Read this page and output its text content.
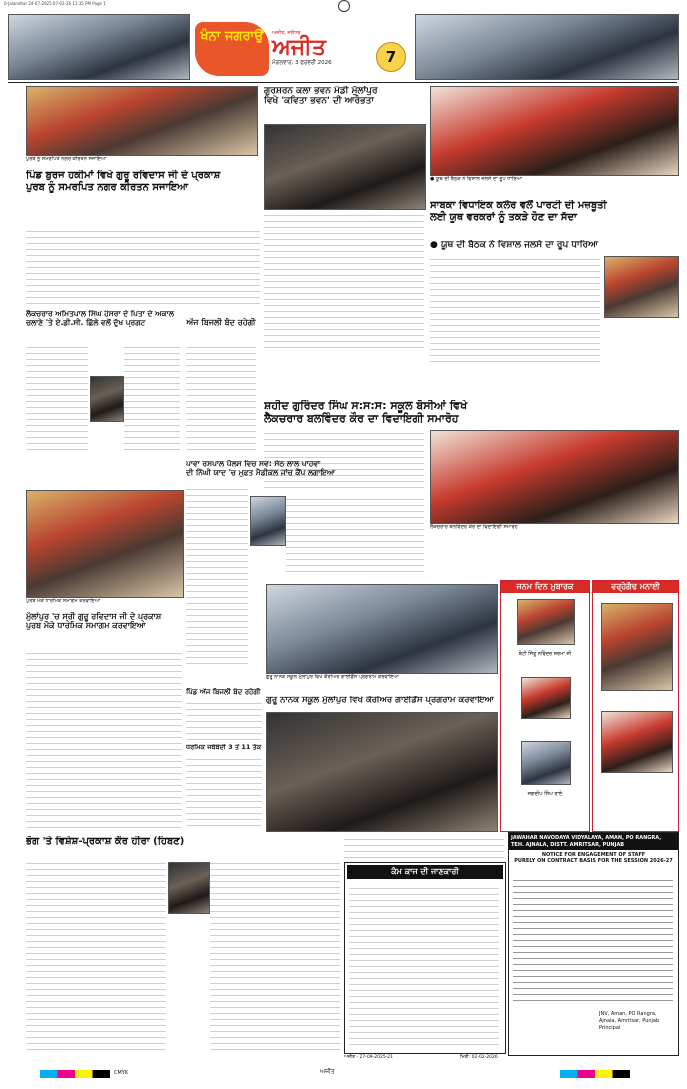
0-Jalandhar 24-07-2025 07-02-26 11:35 PM Page 1
ਖੰਨਾ ਜਗਰਾਉਂ	ਅਜੀਤ, ਜਲੰਧਰ
ਅਜੀਤ
ਮੰਗਲਵਾਰ, 3 ਫਰਵਰੀ 2026	7
ਪੁਰਬ ਨੂੰ ਸਮਰਪਿਤ ਨਗਰ ਕੀਰਤਨ ਸਜਾਇਆ
ਗੁਰਸ਼ਰਨ ਕਲਾ ਭਵਨ ਮੰਡੀ ਮੁੱਲਾਂਪੁਰ
ਵਿਖੇ 'ਕਵਿਤਾ ਭਵਨ' ਦੀ ਆਰੰਭਤਾ
● ਯੂਥ ਦੀ ਬੈਠਕ ਨੇ ਵਿਸ਼ਾਲ ਜਲਸੇ ਦਾ ਰੂਪ ਧਾਰਿਆ
ਪਿੰਡ ਬੁਰਜ ਹਕੀਮਾਂ ਵਿਖੇ ਗੁਰੂ ਰਵਿਦਾਸ ਜੀ ਦੇ ਪ੍ਰਕਾਸ਼
ਪੁਰਬ ਨੂੰ ਸਮਰਪਿਤ ਨਗਰ ਕੀਰਤਨ ਸਜਾਇਆ
ਸਾਬਕਾ ਵਿਧਾਇਕ ਕਲੇਰ ਵਲੋਂ ਪਾਰਟੀ ਦੀ ਮਜ਼ਬੂਤੀ
ਲਈ ਯੂਥ ਵਰਕਰਾਂ ਨੂੰ ਤਕੜੇ ਹੋਣ ਦਾ ਸੱਦਾ
● ਯੂਥ ਦੀ ਬੈਠਕ ਨੇ ਵਿਸ਼ਾਲ ਜਲਸੇ ਦਾ ਰੂਪ ਧਾਰਿਆ
ਲੈਕਚਰਾਰ ਅਮਿਤਪਾਲ ਸਿੰਘ ਹੰਸਰਾ ਦੇ ਪਿਤਾ ਦੇ ਅਕਾਲ ਚਲਾਣੇ 'ਤੇ ਏ.ਡੀ.ਸੀ. ਛਿੱਲੇ ਵਲੋਂ ਦੁੱਖ ਪ੍ਰਗਟ	ਅੱਜ ਬਿਜਲੀ ਬੰਦ ਰਹੇਗੀ
ਸ਼ਹੀਦ ਗੁਰਿੰਦਰ ਸਿੰਘ ਸ:ਸ:ਸ: ਸਕੂਲ ਬੋਸੀਆਂ ਵਿਖੇ
ਲੈਕਚਰਾਰ ਬਲਵਿੰਦਰ ਕੌਰ ਦਾ ਵਿਦਾਇਗੀ ਸਮਾਰੋਹ
ਲੈਕਚਰਾਰ ਬਲਵਿੰਦਰ ਕੌਰ ਦਾ ਵਿਦਾਇਗੀ ਸਮਾਰੋਹ
ਪਾਵਾ ਰਸਪਾਲ ਪੈਲਸ ਵਿਚ ਸਵ: ਸੇਠ ਲਾਲ ਪਾਹਵਾ
ਦੀ ਨਿੱਘੀ ਯਾਦ 'ਚ ਮੁਫ਼ਤ ਮੈਡੀਕਲ ਜਾਂਚ ਕੈਂਪ ਲਗਾਇਆ
ਪੁਰਬ ਮੌਕੇ ਧਾਰਮਿਕ ਸਮਾਗਮ ਕਰਵਾਇਆ
ਮੁੱਲਾਂਪੁਰ 'ਚ ਸ੍ਰੀ ਗੁਰੂ ਰਵਿਦਾਸ ਜੀ ਦੇ ਪ੍ਰਕਾਸ਼
ਪੁਰਬ ਮੌਕੇ ਧਾਰਮਿਕ ਸਮਾਗਮ ਕਰਵਾਇਆ
ਪਿੰਡ ਅੱਜ ਬਿਜਲੀ ਬੰਦ ਰਹੇਗੀ
ਧਰਮਿਕ ਜਥੇਬੰਦੀ 3 ਤੋਂ 11 ਤੱਕ
ਗੁਰੂ ਨਾਨਕ ਸਕੂਲ ਮੁੱਲਾਂਪੁਰ ਵਿਖੇ ਕੈਰੀਅਰ ਗਾਈਡੈਂਸ ਪ੍ਰੋਗਰਾਮ ਕਰਵਾਇਆ
ਗੁਰੂ ਨਾਨਕ ਸਕੂਲ ਮੁੱਲਾਂਪੁਰ ਵਿਖੇ ਕੈਰੀਅਰ ਗਾਈਡੈਂਸ ਪ੍ਰੋਗਰਾਮ ਕਰਵਾਇਆ
ਜਨਮ ਦਿਨ ਮੁਬਾਰਕ
ਬੇਟੀ ਜਿੱਤੂ ਨਵਿੰਦਰ ਸ਼ਰਮਾ ਜੀ
ਜਗਦੀਪ ਸਿੰਘ ਰਾਏ
ਵਰ੍ਹੇਗੰਢ ਮਨਾਈ
ਭੋਗ 'ਤੇ ਵਿਸ਼ੇਸ਼-ਪ੍ਰਕਾਸ਼ ਕੌਰ ਹੀਰਾ (ਹਿਬਣ)
ਕੰਮ ਕਾਜ ਦੀ ਜਾਣਕਾਰੀ
JAWAHAR NAVODAYA VIDYALAYA, AMAN, PO RANGRA,
TEH. AJNALA, DISTT. AMRITSAR, PUNJAB
NOTICE FOR ENGAGEMENT OF STAFF
PURELY ON CONTRACT BASIS FOR THE SESSION 2026-27
JNV, Aman, PO Rangra,
Ajnala, Amritsar, Punjab
Principal
ਅਜੀਤ - 27-09-2025-21	ਮਿਤੀ: 02-02-2026
CMYK	ਅਜੀਤ
